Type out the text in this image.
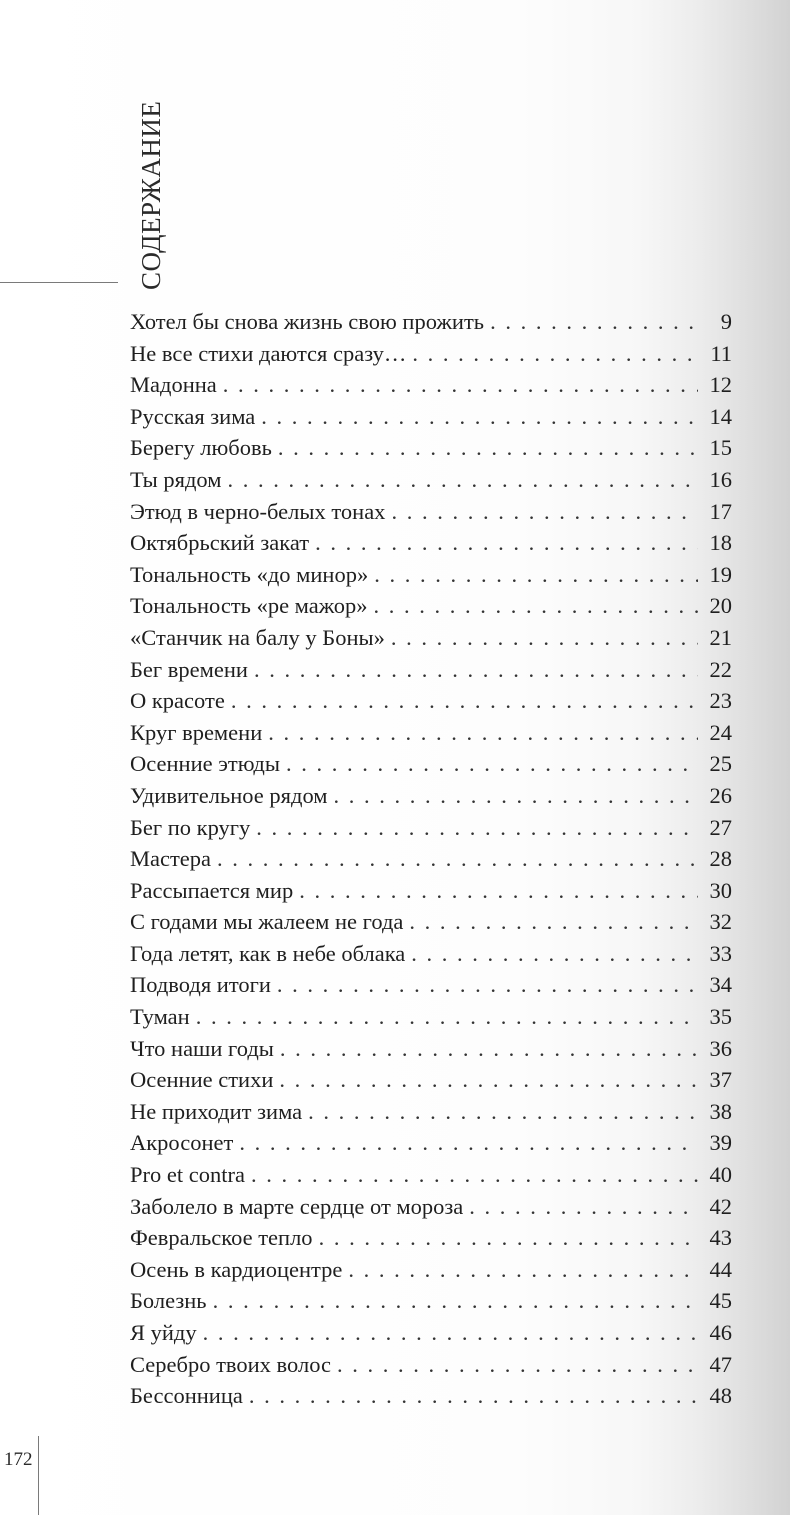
СОДЕРЖАНИЕ
Хотел бы снова жизнь свою прожить . . .	9
Не все стихи даются сразу… . . .	11
Мадонна . . .	12
Русская зима . . .	14
Берегу любовь . . .	15
Ты рядом . . .	16
Этюд в черно-белых тонах . . .	17
Октябрьский закат . . .	18
Тональность «до минор» . . .	19
Тональность «ре мажор» . . .	20
«Станчик на балу у Боны» . . .	21
Бег времени . . .	22
О красоте . . .	23
Круг времени . . .	24
Осенние этюды . . .	25
Удивительное рядом . . .	26
Бег по кругу . . .	27
Мастера . . .	28
Рассыпается мир . . .	30
С годами мы жалеем не года . . .	32
Года летят, как в небе облака . . .	33
Подводя итоги . . .	34
Туман . . .	35
Что наши годы . . .	36
Осенние стихи . . .	37
Не приходит зима . . .	38
Акросонет . . .	39
Pro et contra . . .	40
Заболело в марте сердце от мороза . . .	42
Февральское тепло . . .	43
Осень в кардиоцентре . . .	44
Болезнь . . .	45
Я уйду . . .	46
Серебро твоих волос . . .	47
Бессонница . . .	48
172
